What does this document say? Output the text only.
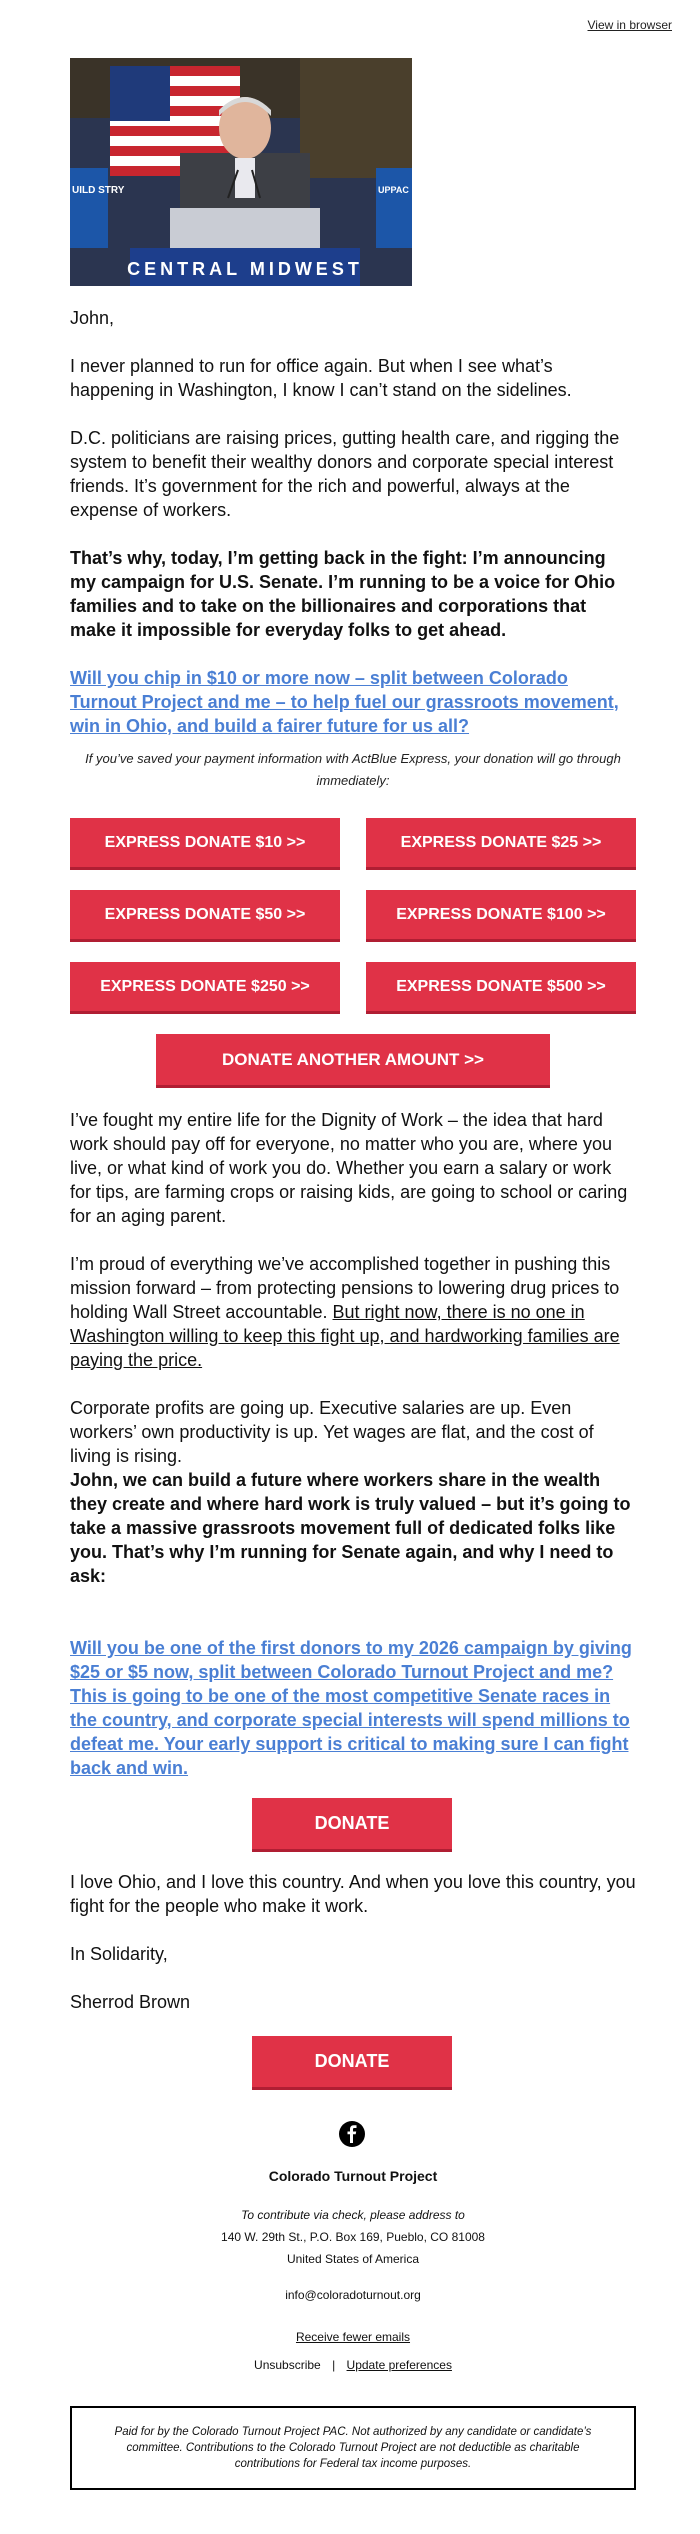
View in browser
CENTRAL MIDWEST
UILD STRY	UPPAC

John,

I never planned to run for office again. But when I see what’s happening in Washington, I know I can’t stand on the sidelines.

D.C. politicians are raising prices, gutting health care, and rigging the system to benefit their wealthy donors and corporate special interest friends. It’s government for the rich and powerful, always at the expense of workers.

That’s why, today, I’m getting back in the fight: I’m announcing my campaign for U.S. Senate. I’m running to be a voice for Ohio families and to take on the billionaires and corporations that make it impossible for everyday folks to get ahead.

Will you chip in $10 or more now – split between Colorado Turnout Project and me – to help fuel our grassroots movement, win in Ohio, and build a fairer future for us all?

If you’ve saved your payment information with ActBlue Express, your donation will go through immediately:

EXPRESS DONATE $10 >>	EXPRESS DONATE $25 >>
EXPRESS DONATE $50 >>	EXPRESS DONATE $100 >>
EXPRESS DONATE $250 >>	EXPRESS DONATE $500 >>
DONATE ANOTHER AMOUNT >>

I’ve fought my entire life for the Dignity of Work – the idea that hard work should pay off for everyone, no matter who you are, where you live, or what kind of work you do. Whether you earn a salary or work for tips, are farming crops or raising kids, are going to school or caring for an aging parent.

I’m proud of everything we’ve accomplished together in pushing this mission forward – from protecting pensions to lowering drug prices to holding Wall Street accountable. But right now, there is no one in Washington willing to keep this fight up, and hardworking families are paying the price.

Corporate profits are going up. Executive salaries are up. Even workers’ own productivity is up. Yet wages are flat, and the cost of living is rising.

John, we can build a future where workers share in the wealth they create and where hard work is truly valued – but it’s going to take a massive grassroots movement full of dedicated folks like you. That’s why I’m running for Senate again, and why I need to ask:

Will you be one of the first donors to my 2026 campaign by giving $25 or $5 now, split between Colorado Turnout Project and me? This is going to be one of the most competitive Senate races in the country, and corporate special interests will spend millions to defeat me. Your early support is critical to making sure I can fight back and win.
DONATE

I love Ohio, and I love this country. And when you love this country, you fight for the people who make it work.

In Solidarity,

Sherrod Brown

DONATE
Colorado Turnout Project
To contribute via check, please address to
140 W. 29th St., P.O. Box 169, Pueblo, CO 81008
United States of America
info@coloradoturnout.org
Receive fewer emails
Unsubscribe | Update preferences
Paid for by the Colorado Turnout Project PAC. Not authorized by any candidate or candidate’s committee. Contributions to the Colorado Turnout Project are not deductible as charitable contributions for Federal tax income purposes.
